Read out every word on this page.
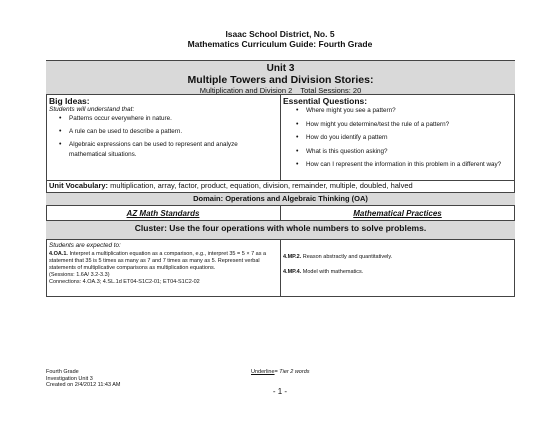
Isaac School District, No. 5
Mathematics Curriculum Guide: Fourth Grade
Unit 3
Multiple Towers and Division Stories:
Multiplication and Division 2 Total Sessions: 20
Big Ideas:
Students will understand that:
• Patterns occur everywhere in nature.
• A rule can be used to describe a pattern.
• Algebraic expressions can be used to represent and analyze mathematical situations.
Essential Questions:
• Where might you see a pattern?
• How might you determine/test the rule of a pattern?
• How do you identify a pattern
• What is this question asking?
• How can I represent the information in this problem in a different way?
Unit Vocabulary: multiplication, array, factor, product, equation, division, remainder, multiple, doubled, halved
Domain: Operations and Algebraic Thinking (OA)
AZ Math Standards	Mathematical Practices
Cluster: Use the four operations with whole numbers to solve problems.
Students are expected to:
4.OA.1. Interpret a multiplication equation as a comparison, e.g., interpret 35 = 5 × 7 as a statement that 35 is 5 times as many as 7 and 7 times as many as 5. Represent verbal statements of multiplicative comparisons as multiplication equations.
(Sessions: 1.6A/ 3.2-3.3)
Connections: 4.OA.3; 4.SL.1d ET04-S1C2-01; ET04-S1C2-02
4.MP.2. Reason abstractly and quantitatively.
4.MP.4. Model with mathematics.
Fourth Grade
Investigation Unit 3
Created on 2/4/2012 11:43 AM
Underline= Tier 2 words
- 1 -
